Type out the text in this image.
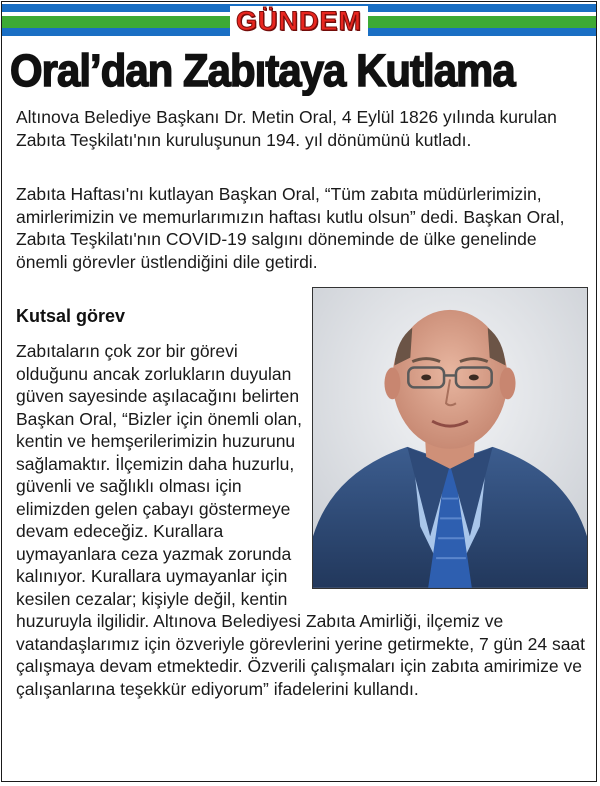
GÜNDEM
Oral’dan Zabıtaya Kutlama

Altınova Belediye Başkanı Dr. Metin Oral, 4 Eylül 1826 yılında kurulan Zabıta Teşkilatı'nın kuruluşunun 194. yıl dönümünü kutladı.

Zabıta Haftası'nı kutlayan Başkan Oral, “Tüm zabıta müdürlerimizin, amirlerimizin ve memurlarımızın haftası kutlu olsun” dedi. Başkan Oral, Zabıta Teşkilatı'nın COVID-19 salgını döneminde de ülke genelinde önemli görevler üstlendiğini dile getirdi.

Kutsal görev
Zabıtaların çok zor bir görevi olduğunu ancak zorlukların duyulan güven sayesinde aşılacağını belirten Başkan Oral, “Bizler için önemli olan, kentin ve hemşerilerimizin huzurunu sağlamaktır. İlçemizin daha huzurlu, güvenli ve sağlıklı olması için elimizden gelen çabayı göstermeye devam edeceğiz. Kurallara uymayanlara ceza yazmak zorunda kalınıyor. Kurallara uymayanlar için kesilen cezalar; kişiyle değil, kentin huzuruyla ilgilidir. Altınova Belediyesi Zabıta Amirliği, ilçemiz ve vatandaşlarımız için özveriyle görevlerini yerine getirmekte, 7 gün 24 saat çalışmaya devam etmektedir. Özverili çalışmaları için zabıta amirimize ve çalışanlarına teşekkür ediyorum” ifadelerini kullandı.
